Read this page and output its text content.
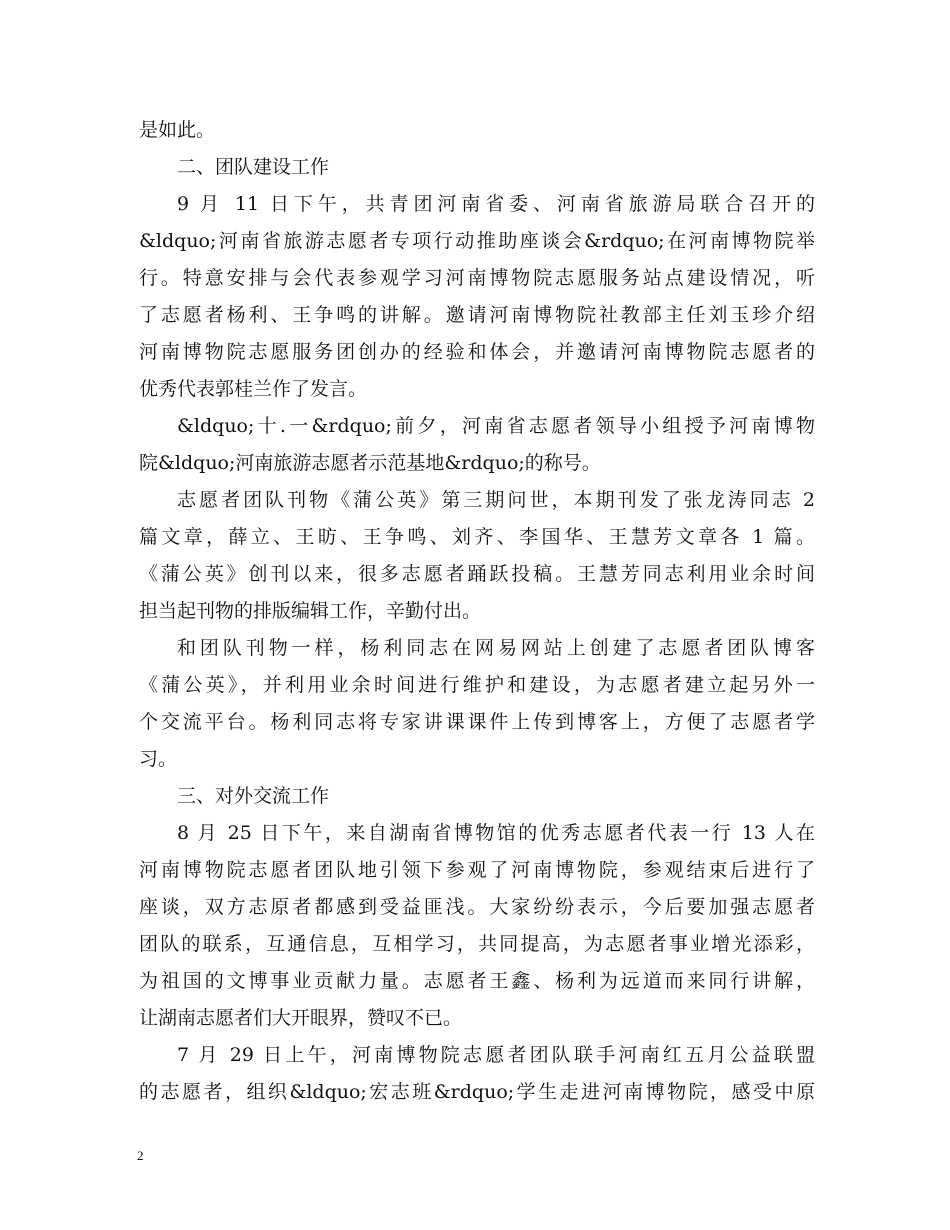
是如此。
二、团队建设工作
9 月 11 日下午，共青团河南省委、河南省旅游局联合召开的
&ldquo;河南省旅游志愿者专项行动推助座谈会&rdquo;在河南博物院举
行。特意安排与会代表参观学习河南博物院志愿服务站点建设情况，听
了志愿者杨利、王争鸣的讲解。邀请河南博物院社教部主任刘玉珍介绍
河南博物院志愿服务团创办的经验和体会，并邀请河南博物院志愿者的
优秀代表郭桂兰作了发言。
&ldquo;十.一&rdquo;前夕，河南省志愿者领导小组授予河南博物
院&ldquo;河南旅游志愿者示范基地&rdquo;的称号。
志愿者团队刊物《蒲公英》第三期问世，本期刊发了张龙涛同志 2
篇文章，薛立、王昉、王争鸣、刘齐、李国华、王慧芳文章各 1 篇。
《蒲公英》创刊以来，很多志愿者踊跃投稿。王慧芳同志利用业余时间
担当起刊物的排版编辑工作，辛勤付出。
和团队刊物一样，杨利同志在网易网站上创建了志愿者团队博客
《蒲公英》，并利用业余时间进行维护和建设，为志愿者建立起另外一
个交流平台。杨利同志将专家讲课课件上传到博客上，方便了志愿者学
习。
三、对外交流工作
8 月 25 日下午，来自湖南省博物馆的优秀志愿者代表一行 13 人在
河南博物院志愿者团队地引领下参观了河南博物院，参观结束后进行了
座谈，双方志原者都感到受益匪浅。大家纷纷表示，今后要加强志愿者
团队的联系，互通信息，互相学习，共同提高，为志愿者事业增光添彩，
为祖国的文博事业贡献力量。志愿者王鑫、杨利为远道而来同行讲解，
让湖南志愿者们大开眼界，赞叹不已。
7 月 29 日上午，河南博物院志愿者团队联手河南红五月公益联盟
的志愿者，组织&ldquo;宏志班&rdquo;学生走进河南博物院，感受中原
2
